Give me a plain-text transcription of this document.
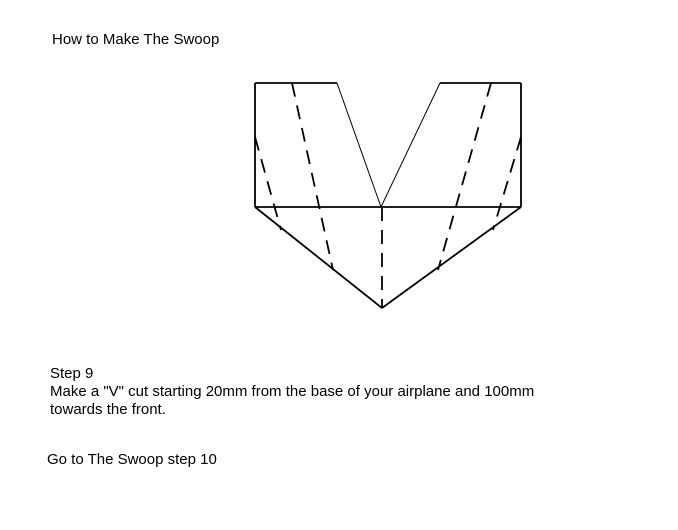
How to Make The Swoop
Step 9
Make a "V" cut starting 20mm from the base of your airplane and 100mm
towards the front.
Go to The Swoop step 10
